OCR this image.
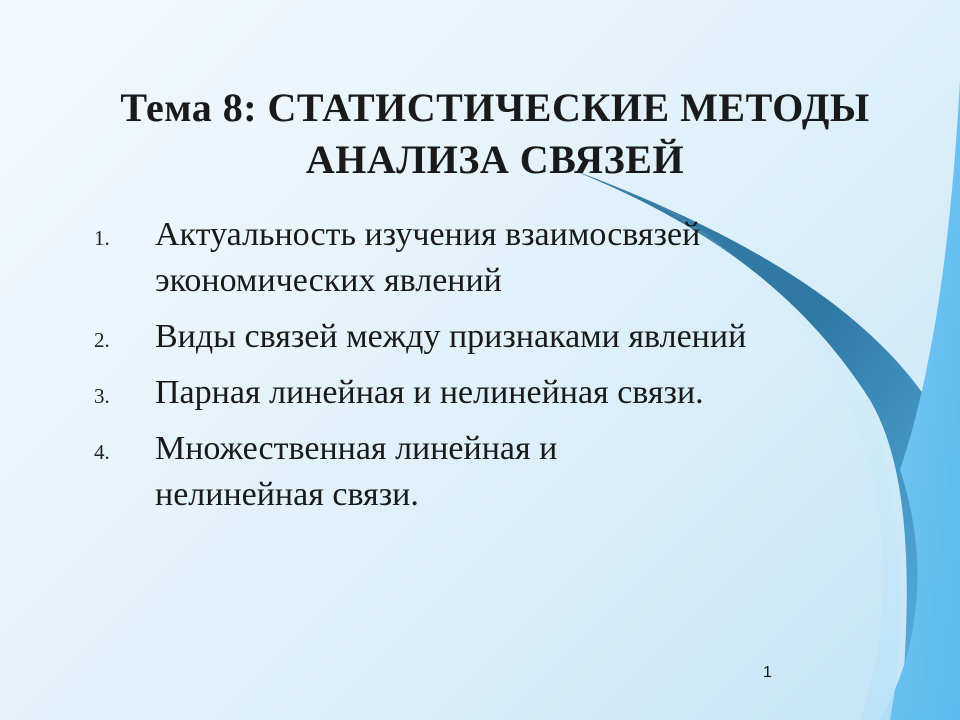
Тема 8: СТАТИСТИЧЕСКИЕ МЕТОДЫ
АНАЛИЗА СВЯЗЕЙ
1. Актуальность изучения взаимосвязей экономических явлений
2. Виды связей между признаками явлений
3. Парная линейная и нелинейная связи.
4. Множественная линейная и нелинейная связи.
1
